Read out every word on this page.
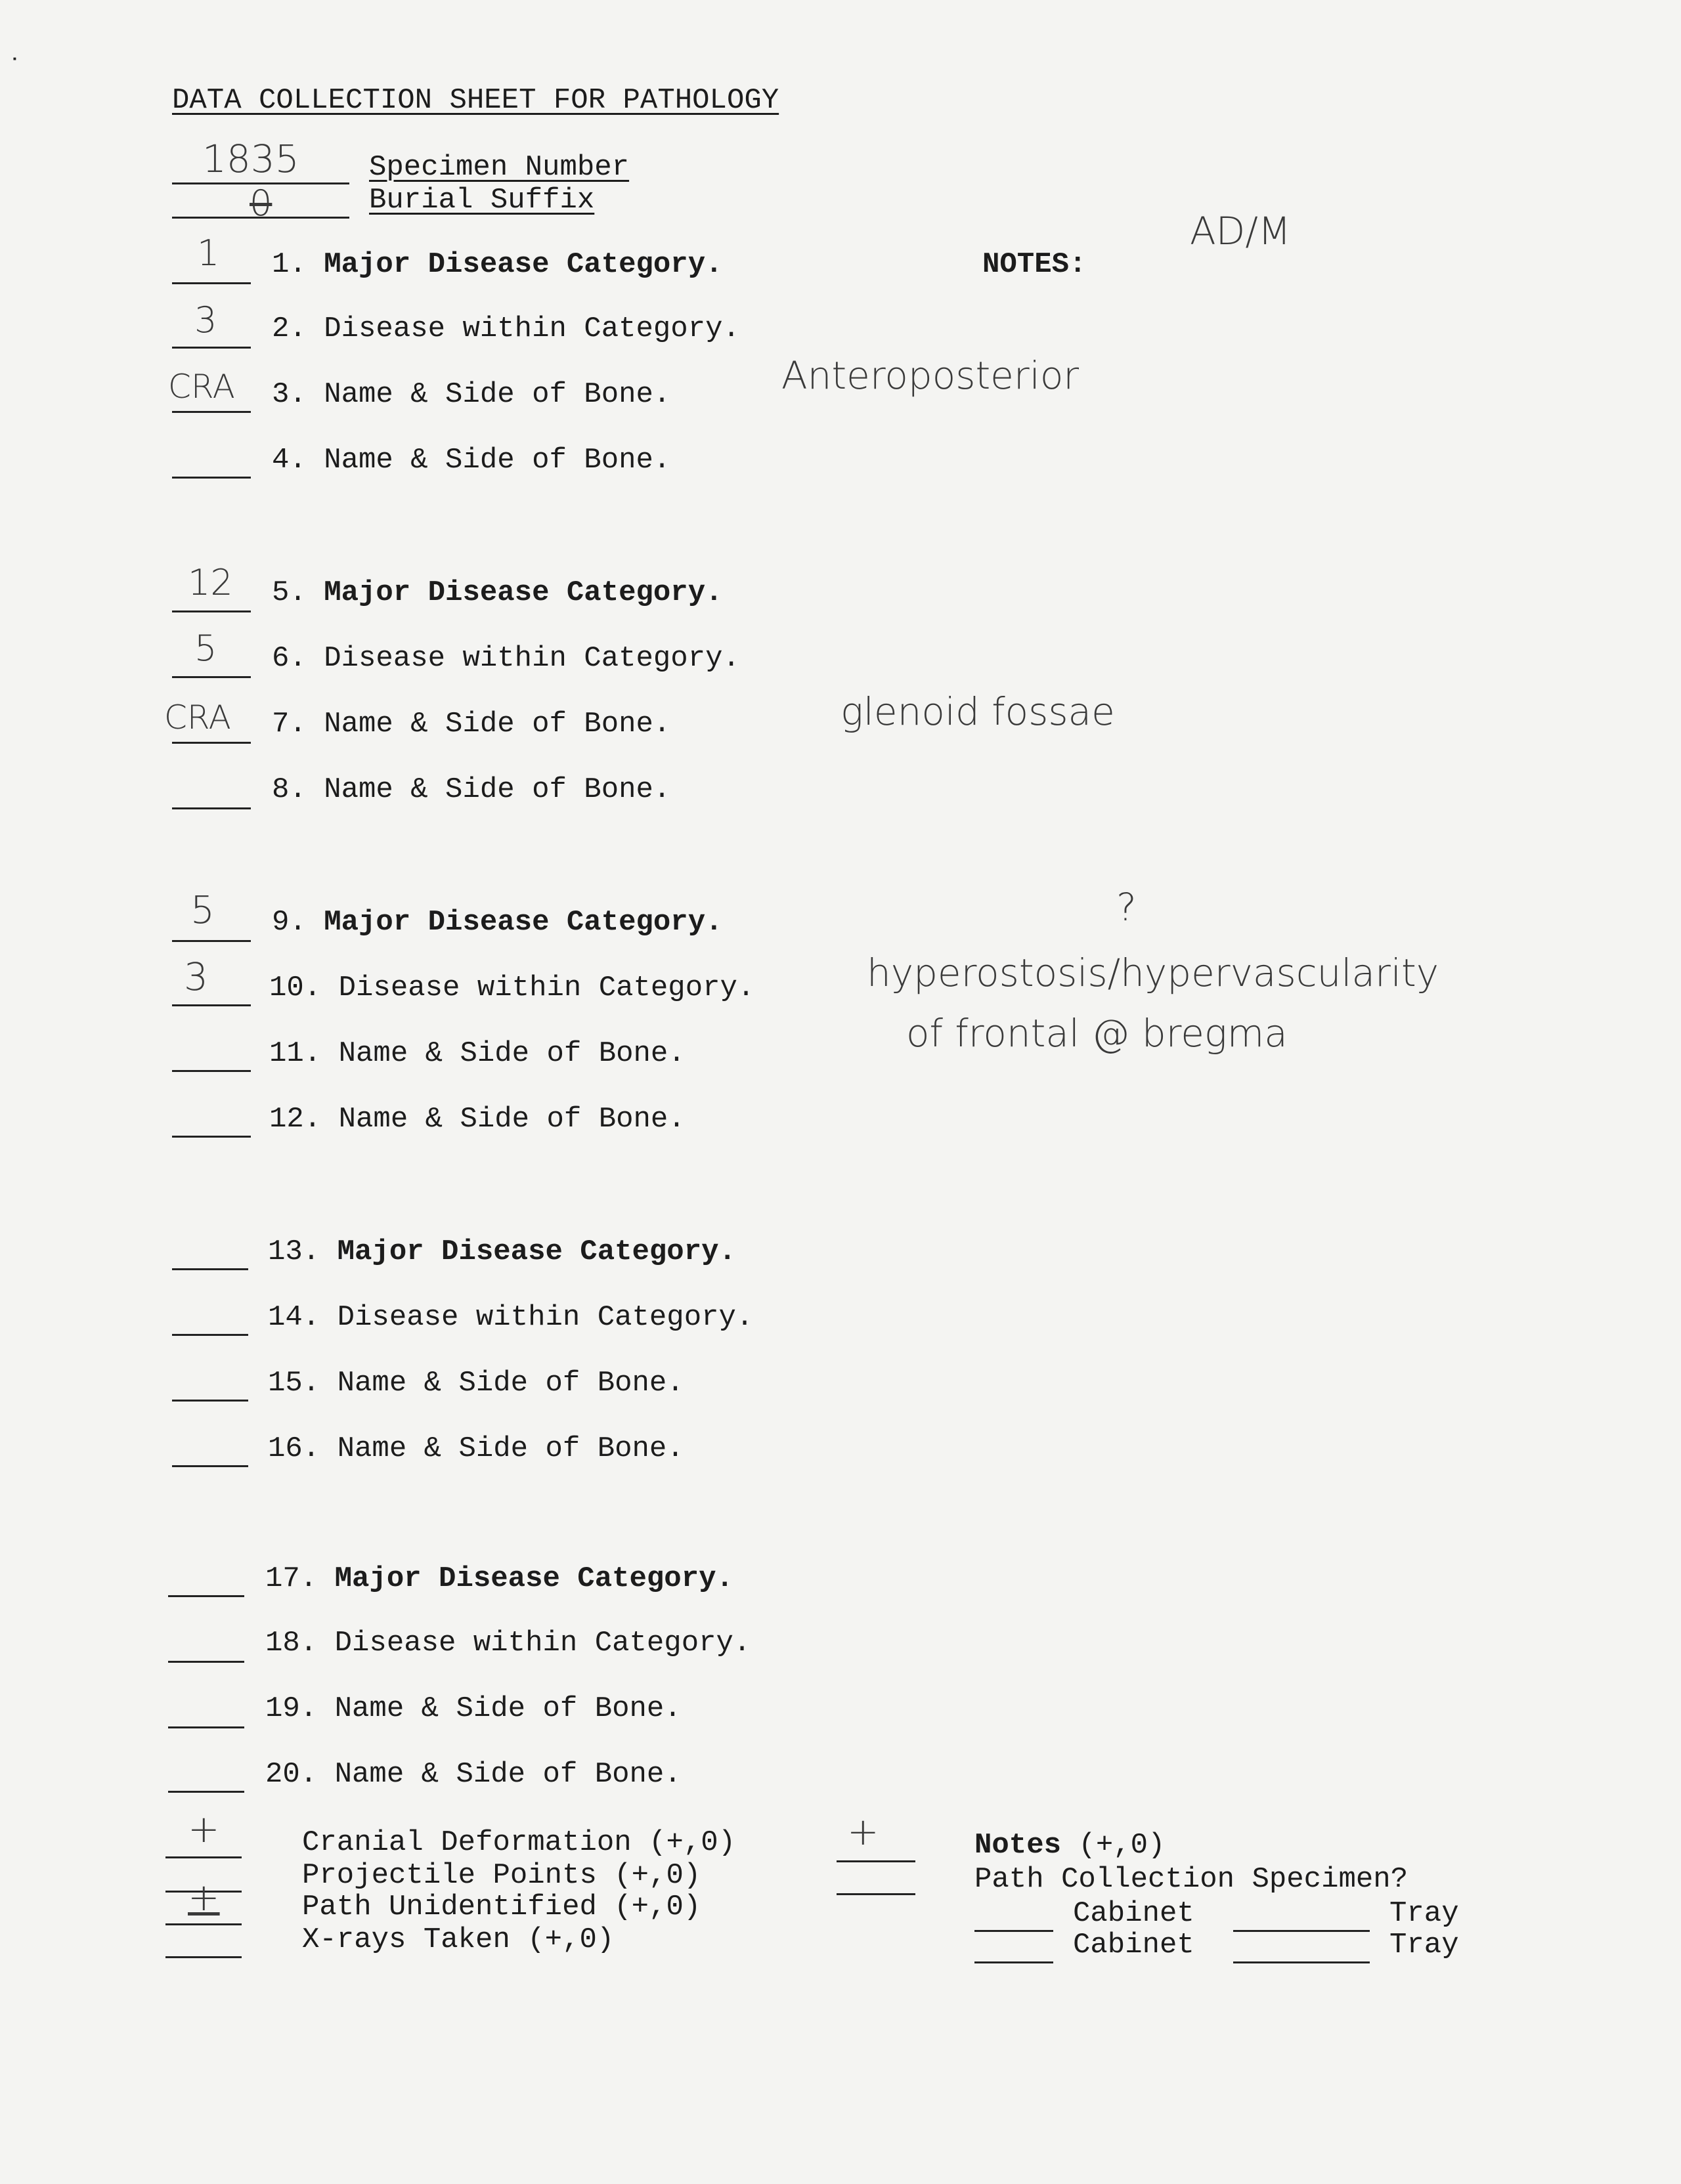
■
DATA COLLECTION SHEET FOR PATHOLOGY
1835 Specimen Number
0	Burial Suffix
NOTES:
AD/M
1 1. Major Disease Category.
3 2. Disease within Category.
CRA 3. Name & Side of Bone.	Anteroposterior
4. Name & Side of Bone.
12 5. Major Disease Category.
5 6. Disease within Category.
CRA 7. Name & Side of Bone.	glenoid fossae
8. Name & Side of Bone.
5 9. Major Disease Category.
3 10. Disease within Category.
?
hyperostosis/hypervascularity
11. Name & Side of Bone.	of frontal @ bregma
12. Name & Side of Bone.
13. Major Disease Category.
14. Disease within Category.
15. Name & Side of Bone.
16. Name & Side of Bone.
17. Major Disease Category.
18. Disease within Category.
19. Name & Side of Bone.
20. Name & Side of Bone.
+	Cranial Deformation (+,0)
Projectile Points (+,0)
+	Path Unidentified (+,0)
X-rays Taken (+,0)
+	Notes (+,0)
Path Collection Specimen?
Cabinet	Tray
Cabinet	Tray
